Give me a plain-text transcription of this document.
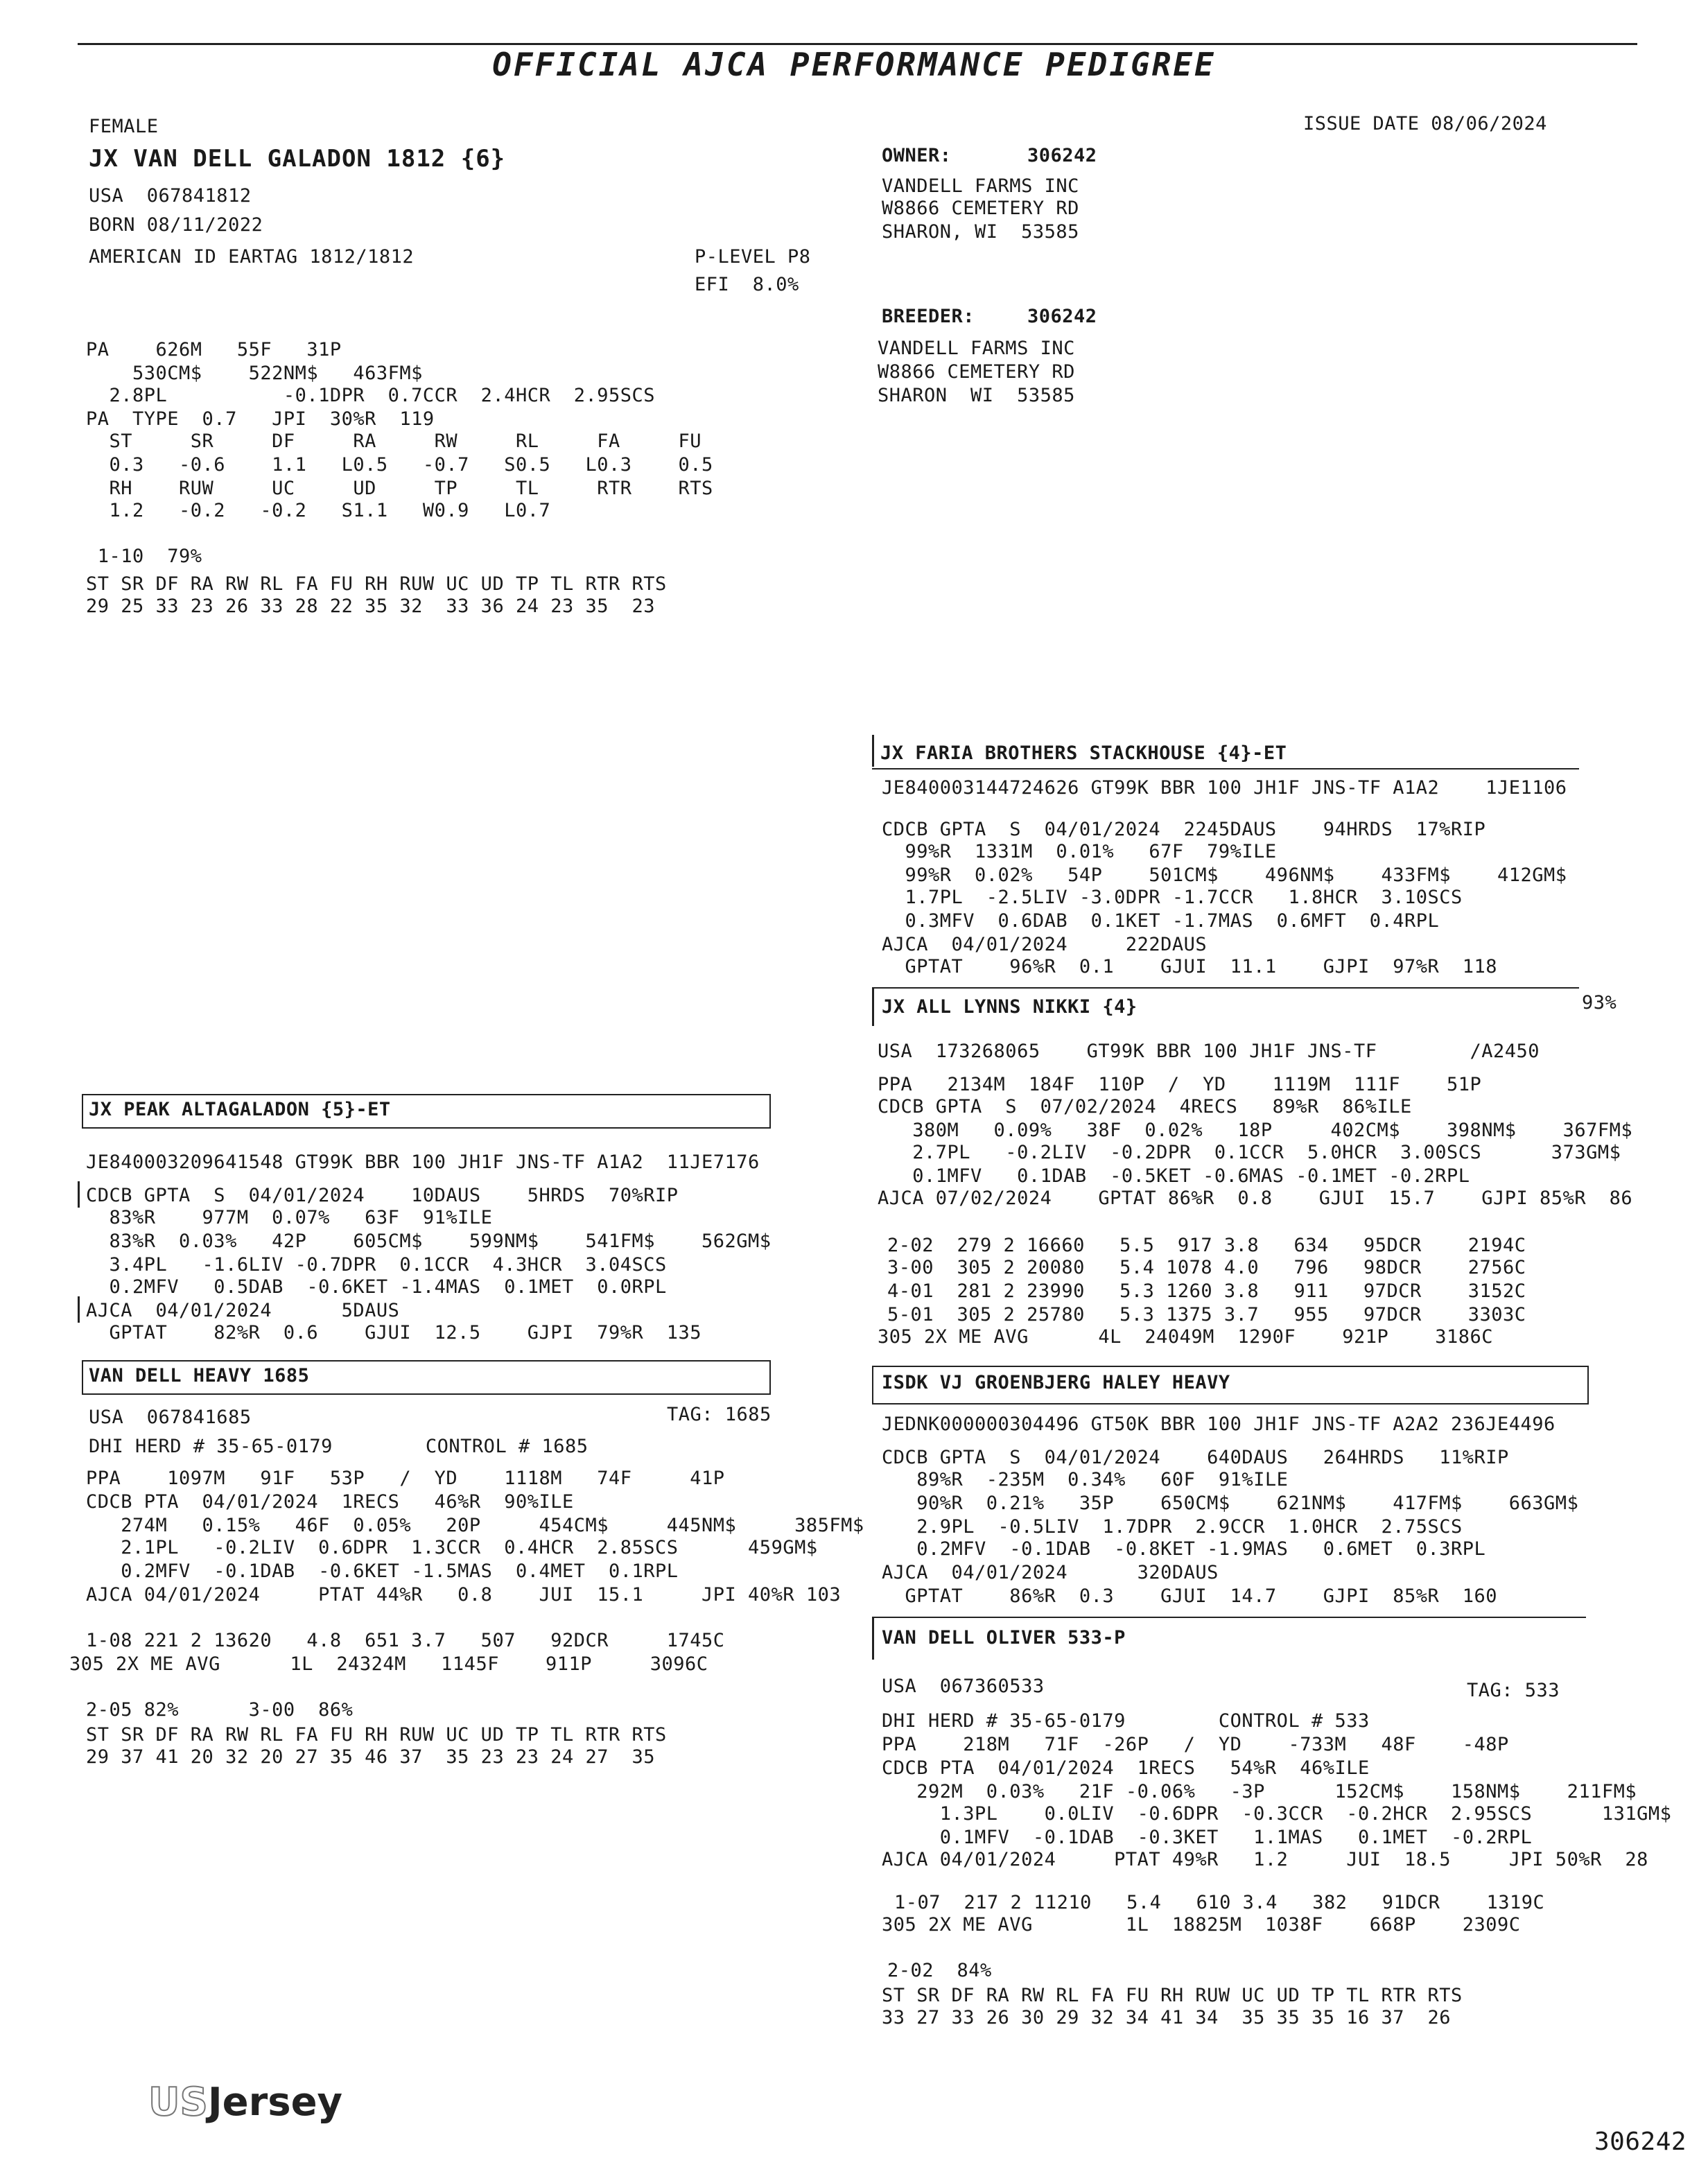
OFFICIAL AJCA PERFORMANCE PEDIGREE
FEMALE
JX VAN DELL GALADON 1812 {6}
USA  067841812
BORN 08/11/2022
AMERICAN ID EARTAG 1812/1812	P-LEVEL P8
EFI  8.0%
ISSUE DATE 08/06/2024
OWNER:	306242
VANDELL FARMS INC
W8866 CEMETERY RD
SHARON, WI  53585
BREEDER:	306242
VANDELL FARMS INC
W8866 CEMETERY RD
SHARON  WI  53585
PA    626M   55F   31P
530CM$    522NM$   463FM$
2.8PL          -0.1DPR  0.7CCR  2.4HCR  2.95SCS
PA  TYPE  0.7   JPI  30%R  119
ST     SR     DF     RA     RW     RL     FA     FU
0.3   -0.6    1.1   L0.5   -0.7   S0.5   L0.3    0.5
RH    RUW     UC     UD     TP     TL     RTR    RTS
1.2   -0.2   -0.2   S1.1   W0.9   L0.7
1-10  79%
ST SR DF RA RW RL FA FU RH RUW UC UD TP TL RTR RTS
29 25 33 23 26 33 28 22 35 32  33 36 24 23 35  23
JX PEAK ALTAGALADON {5}-ET
JE840003209641548 GT99K BBR 100 JH1F JNS-TF A1A2  11JE7176
CDCB GPTA  S  04/01/2024    10DAUS    5HRDS  70%RIP
83%R    977M  0.07%   63F  91%ILE
83%R  0.03%   42P    605CM$    599NM$    541FM$    562GM$
3.4PL   -1.6LIV -0.7DPR  0.1CCR  4.3HCR  3.04SCS
0.2MFV   0.5DAB  -0.6KET -1.4MAS  0.1MET  0.0RPL
AJCA  04/01/2024      5DAUS
GPTAT    82%R  0.6    GJUI  12.5    GJPI  79%R  135
VAN DELL HEAVY 1685
USA  067841685	TAG: 1685
DHI HERD # 35-65-0179        CONTROL # 1685
PPA    1097M   91F   53P   /  YD    1118M   74F     41P
CDCB PTA  04/01/2024  1RECS   46%R  90%ILE
274M   0.15%   46F  0.05%   20P     454CM$     445NM$     385FM$
2.1PL   -0.2LIV  0.6DPR  1.3CCR  0.4HCR  2.85SCS      459GM$
0.2MFV  -0.1DAB  -0.6KET -1.5MAS  0.4MET  0.1RPL
AJCA 04/01/2024     PTAT 44%R   0.8    JUI  15.1     JPI 40%R 103
1-08 221 2 13620   4.8  651 3.7   507   92DCR     1745C
305 2X ME AVG      1L  24324M   1145F    911P     3096C
2-05 82%      3-00  86%
ST SR DF RA RW RL FA FU RH RUW UC UD TP TL RTR RTS
29 37 41 20 32 20 27 35 46 37  35 23 23 24 27  35
JX FARIA BROTHERS STACKHOUSE {4}-ET
JE840003144724626 GT99K BBR 100 JH1F JNS-TF A1A2    1JE1106
CDCB GPTA  S  04/01/2024  2245DAUS    94HRDS  17%RIP
99%R  1331M  0.01%   67F  79%ILE
99%R  0.02%   54P    501CM$    496NM$    433FM$    412GM$
1.7PL  -2.5LIV -3.0DPR -1.7CCR   1.8HCR  3.10SCS
0.3MFV  0.6DAB  0.1KET -1.7MAS  0.6MFT  0.4RPL
AJCA  04/01/2024     222DAUS
GPTAT    96%R  0.1    GJUI  11.1    GJPI  97%R  118
JX ALL LYNNS NIKKI {4}	93%
USA  173268065    GT99K BBR 100 JH1F JNS-TF        /A2450
PPA   2134M  184F  110P  /  YD    1119M  111F    51P
CDCB GPTA  S  07/02/2024  4RECS   89%R  86%ILE
380M   0.09%   38F  0.02%   18P     402CM$    398NM$    367FM$
2.7PL   -0.2LIV  -0.2DPR  0.1CCR  5.0HCR  3.00SCS      373GM$
0.1MFV   0.1DAB  -0.5KET -0.6MAS -0.1MET -0.2RPL
AJCA 07/02/2024    GPTAT 86%R  0.8    GJUI  15.7    GJPI 85%R  86
2-02  279 2 16660   5.5  917 3.8   634   95DCR    2194C
3-00  305 2 20080   5.4 1078 4.0   796   98DCR    2756C
4-01  281 2 23990   5.3 1260 3.8   911   97DCR    3152C
5-01  305 2 25780   5.3 1375 3.7   955   97DCR    3303C
305 2X ME AVG      4L  24049M  1290F    921P    3186C
ISDK VJ GROENBJERG HALEY HEAVY
JEDNK000000304496 GT50K BBR 100 JH1F JNS-TF A2A2 236JE4496
CDCB GPTA  S  04/01/2024    640DAUS   264HRDS   11%RIP
89%R  -235M  0.34%   60F  91%ILE
90%R  0.21%   35P    650CM$    621NM$    417FM$    663GM$
2.9PL  -0.5LIV  1.7DPR  2.9CCR  1.0HCR  2.75SCS
0.2MFV  -0.1DAB  -0.8KET -1.9MAS   0.6MET  0.3RPL
AJCA  04/01/2024      320DAUS
GPTAT    86%R  0.3    GJUI  14.7    GJPI  85%R  160
VAN DELL OLIVER 533-P
USA  067360533	TAG: 533
DHI HERD # 35-65-0179        CONTROL # 533
PPA    218M   71F  -26P   /  YD    -733M   48F    -48P
CDCB PTA  04/01/2024  1RECS   54%R  46%ILE
292M  0.03%   21F -0.06%   -3P      152CM$    158NM$    211FM$
1.3PL    0.0LIV  -0.6DPR  -0.3CCR  -0.2HCR  2.95SCS      131GM$
0.1MFV  -0.1DAB  -0.3KET   1.1MAS   0.1MET  -0.2RPL
AJCA 04/01/2024     PTAT 49%R   1.2     JUI  18.5     JPI 50%R  28
1-07  217 2 11210   5.4   610 3.4   382   91DCR    1319C
305 2X ME AVG        1L  18825M  1038F    668P    2309C
2-02  84%
ST SR DF RA RW RL FA FU RH RUW UC UD TP TL RTR RTS
33 27 33 26 30 29 32 34 41 34  35 35 35 16 37  26
USJersey
306242
